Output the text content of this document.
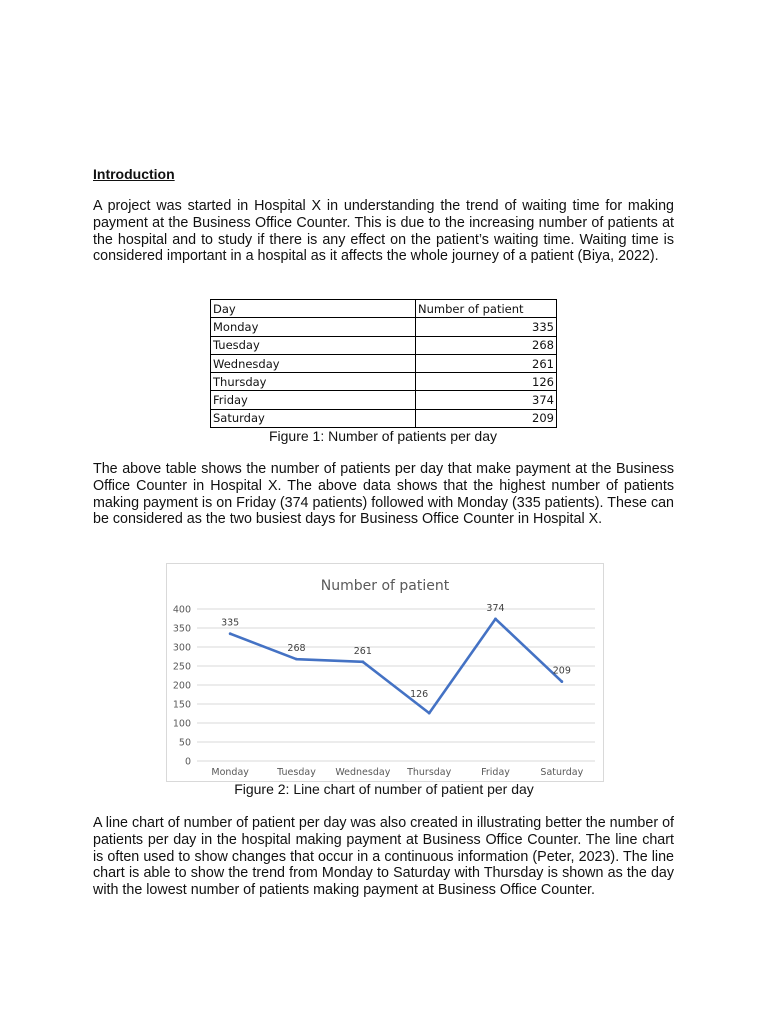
Introduction

A project was started in Hospital X in understanding the trend of waiting time for making payment at the Business Office Counter. This is due to the increasing number of patients at the hospital and to study if there is any effect on the patient’s waiting time. Waiting time is considered important in a hospital as it affects the whole journey of a patient (Biya, 2022).

Day	Number of patient
Monday	335
Tuesday	268
Wednesday	261
Thursday	126
Friday	374
Saturday	209
Figure 1: Number of patients per day

The above table shows the number of patients per day that make payment at the Business Office Counter in Hospital X. The above data shows that the highest number of patients making payment is on Friday (374 patients) followed with Monday (335 patients). These can be considered as the two busiest days for Business Office Counter in Hospital X.

Number of patient
0
50
100
150
200
250
300
350
400
Monday	Tuesday Wednesday Thursday	Friday	Saturday
335
268	261
126
374
209
Figure 2: Line chart of number of patient per day

A line chart of number of patient per day was also created in illustrating better the number of patients per day in the hospital making payment at Business Office Counter. The line chart is often used to show changes that occur in a continuous information (Peter, 2023). The line chart is able to show the trend from Monday to Saturday with Thursday is shown as the day with the lowest number of patients making payment at Business Office Counter.
